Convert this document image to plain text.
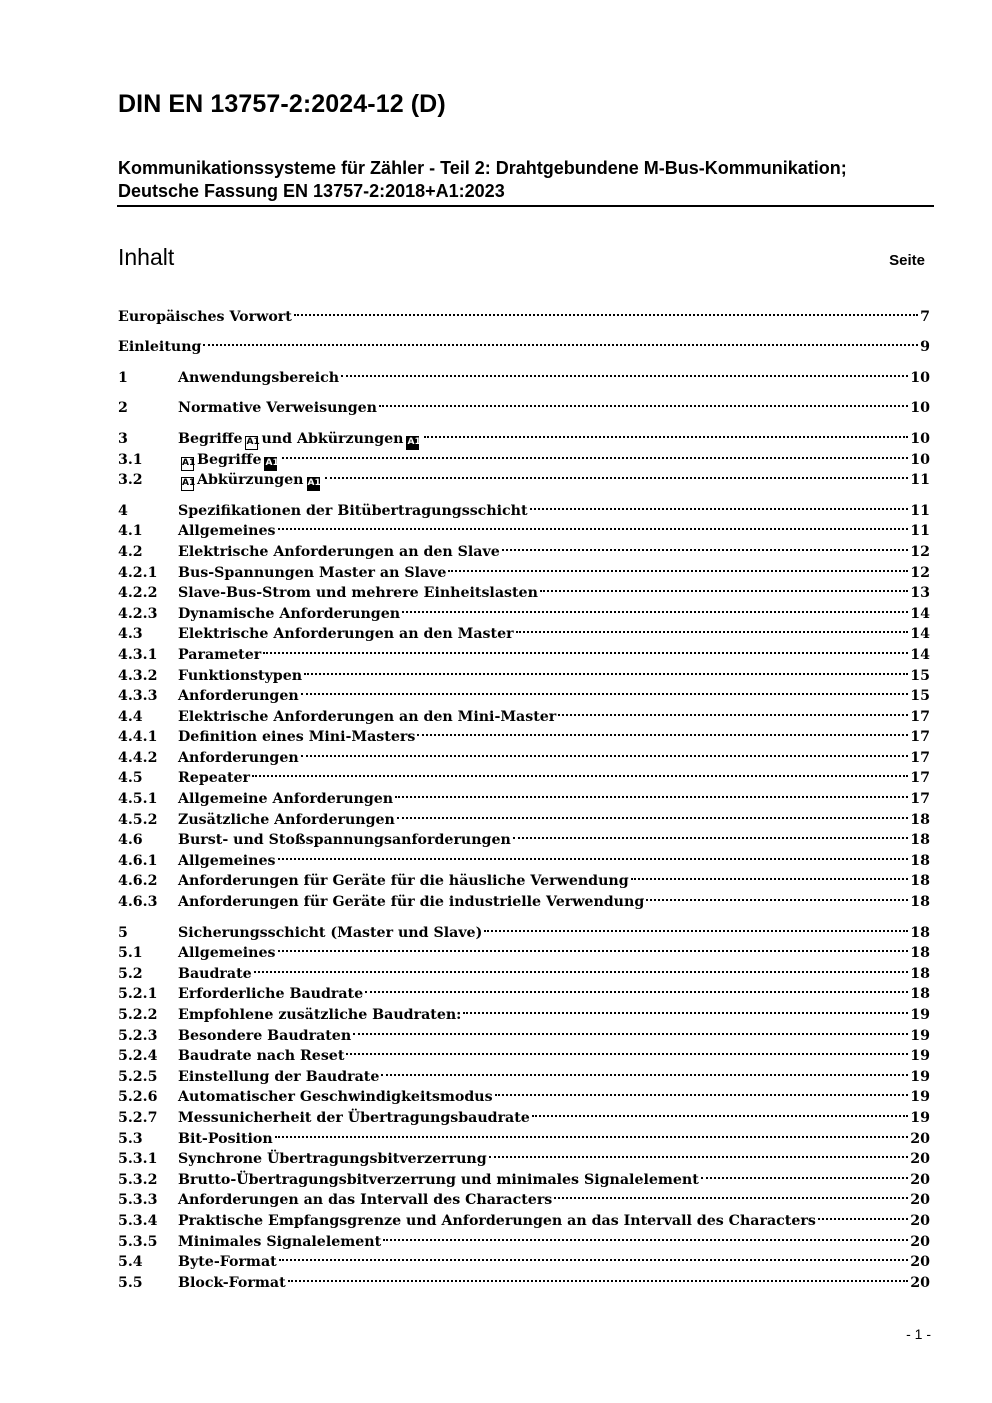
DIN EN 13757-2:2024-12 (D)
Kommunikationssysteme für Zähler - Teil 2: Drahtgebundene M-Bus-Kommunikation;
Deutsche Fassung EN 13757-2:2018+A1:2023
Inhalt	Seite
Europäisches Vorwort	7
Einleitung	9
1	Anwendungsbereich	10
2	Normative Verweisungen	10
3	Begriffe A1 und Abkürzungen A1	10
3.1	A1 Begriffe A1	10
3.2	A1 Abkürzungen A1	11
4	Spezifikationen der Bitübertragungsschicht	11
4.1	Allgemeines	11
4.2	Elektrische Anforderungen an den Slave	12
4.2.1	Bus-Spannungen Master an Slave	12
4.2.2	Slave-Bus-Strom und mehrere Einheitslasten	13
4.2.3	Dynamische Anforderungen	14
4.3	Elektrische Anforderungen an den Master	14
4.3.1	Parameter	14
4.3.2	Funktionstypen	15
4.3.3	Anforderungen	15
4.4	Elektrische Anforderungen an den Mini-Master	17
4.4.1	Definition eines Mini-Masters	17
4.4.2	Anforderungen	17
4.5	Repeater	17
4.5.1	Allgemeine Anforderungen	17
4.5.2	Zusätzliche Anforderungen	18
4.6	Burst- und Stoßspannungsanforderungen	18
4.6.1	Allgemeines	18
4.6.2	Anforderungen für Geräte für die häusliche Verwendung	18
4.6.3	Anforderungen für Geräte für die industrielle Verwendung	18
5	Sicherungsschicht (Master und Slave)	18
5.1	Allgemeines	18
5.2	Baudrate	18
5.2.1	Erforderliche Baudrate	18
5.2.2	Empfohlene zusätzliche Baudraten:	19
5.2.3	Besondere Baudraten	19
5.2.4	Baudrate nach Reset	19
5.2.5	Einstellung der Baudrate	19
5.2.6	Automatischer Geschwindigkeitsmodus	19
5.2.7	Messunicherheit der Übertragungsbaudrate	19
5.3	Bit-Position	20
5.3.1	Synchrone Übertragungsbitverzerrung	20
5.3.2	Brutto-Übertragungsbitverzerrung und minimales Signalelement	20
5.3.3	Anforderungen an das Intervall des Characters	20
5.3.4	Praktische Empfangsgrenze und Anforderungen an das Intervall des Characters	20
5.3.5	Minimales Signalelement	20
5.4	Byte-Format	20
5.5	Block-Format	20
- 1 -
